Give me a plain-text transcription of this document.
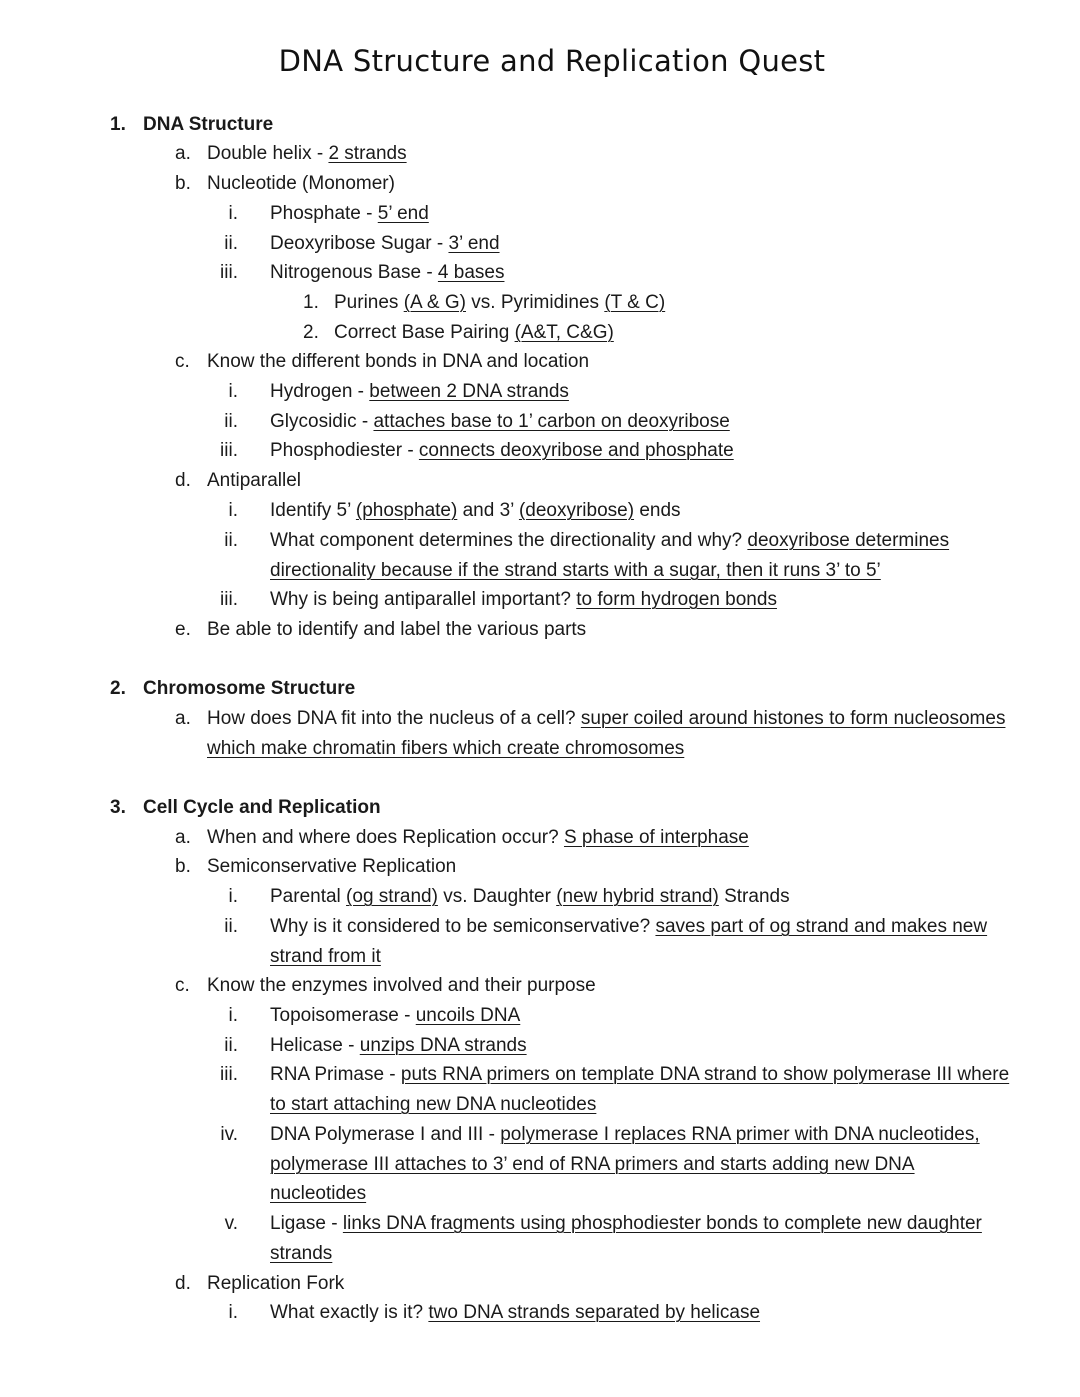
DNA Structure and Replication Quest
1. DNA Structure
a. Double helix - 2 strands
b. Nucleotide (Monomer)
i. Phosphate - 5’ end
ii. Deoxyribose Sugar - 3’ end
iii. Nitrogenous Base - 4 bases
1. Purines (A & G) vs. Pyrimidines (T & C)
2. Correct Base Pairing (A&T, C&G)
c. Know the different bonds in DNA and location
i. Hydrogen - between 2 DNA strands
ii. Glycosidic - attaches base to 1’ carbon on deoxyribose
iii. Phosphodiester - connects deoxyribose and phosphate
d. Antiparallel
i. Identify 5’ (phosphate) and 3’ (deoxyribose) ends
ii. What component determines the directionality and why? deoxyribose determines
directionality because if the strand starts with a sugar, then it runs 3’ to 5’
iii. Why is being antiparallel important? to form hydrogen bonds
e. Be able to identify and label the various parts
2. Chromosome Structure
a. How does DNA fit into the nucleus of a cell? super coiled around histones to form nucleosomes
which make chromatin fibers which create chromosomes
3. Cell Cycle and Replication
a. When and where does Replication occur? S phase of interphase
b. Semiconservative Replication
i. Parental (og strand) vs. Daughter (new hybrid strand) Strands
ii. Why is it considered to be semiconservative? saves part of og strand and makes new
strand from it
c. Know the enzymes involved and their purpose
i. Topoisomerase - uncoils DNA
ii. Helicase - unzips DNA strands
iii. RNA Primase - puts RNA primers on template DNA strand to show polymerase III where
to start attaching new DNA nucleotides
iv. DNA Polymerase I and III - polymerase I replaces RNA primer with DNA nucleotides,
polymerase III attaches to 3’ end of RNA primers and starts adding new DNA
nucleotides
v. Ligase - links DNA fragments using phosphodiester bonds to complete new daughter
strands
d. Replication Fork
i. What exactly is it? two DNA strands separated by helicase
